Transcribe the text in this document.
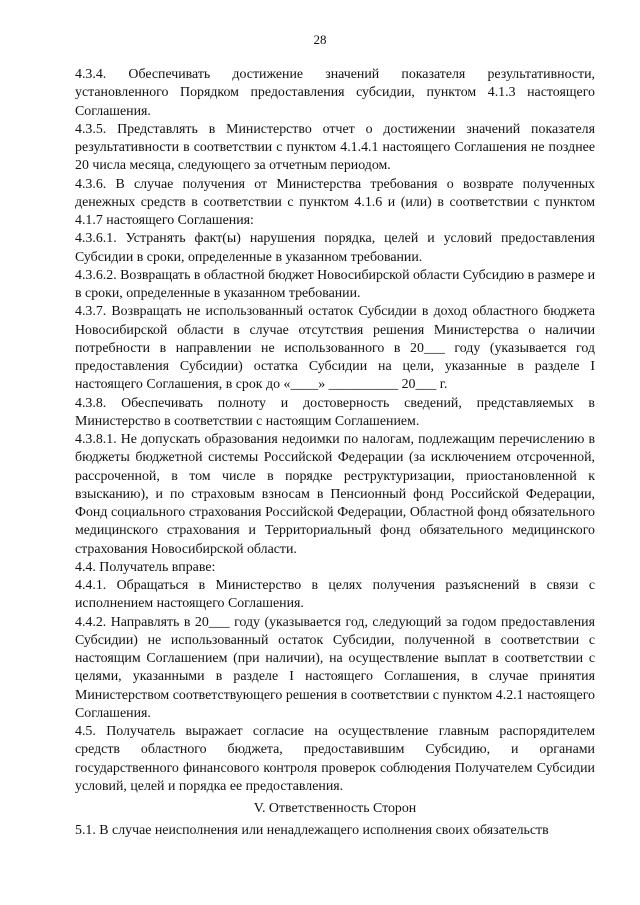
28

4.3.4. Обеспечивать достижение значений показателя результативности, установленного Порядком предоставления субсидии, пунктом 4.1.3 настоящего Соглашения.

4.3.5. Представлять в Министерство отчет о достижении значений показателя результативности в соответствии с пунктом 4.1.4.1 настоящего Соглашения не позднее 20 числа месяца, следующего за отчетным периодом.

4.3.6. В случае получения от Министерства требования о возврате полученных денежных средств в соответствии с пунктом 4.1.6 и (или) в соответствии с пунктом 4.1.7 настоящего Соглашения:

4.3.6.1. Устранять факт(ы) нарушения порядка, целей и условий предоставления Субсидии в сроки, определенные в указанном требовании.

4.3.6.2. Возвращать в областной бюджет Новосибирской области Субсидию в размере и в сроки, определенные в указанном требовании.

4.3.7. Возвращать не использованный остаток Субсидии в доход областного бюджета Новосибирской области в случае отсутствия решения Министерства о наличии потребности в направлении не использованного в 20___ году (указывается год предоставления Субсидии) остатка Субсидии на цели, указанные в разделе I настоящего Соглашения, в срок до «____» __________ 20___ г.

4.3.8. Обеспечивать полноту и достоверность сведений, представляемых в Министерство в соответствии с настоящим Соглашением.

4.3.8.1. Не допускать образования недоимки по налогам, подлежащим перечислению в бюджеты бюджетной системы Российской Федерации (за исключением отсроченной, рассроченной, в том числе в порядке реструктуризации, приостановленной к взысканию), и по страховым взносам в Пенсионный фонд Российской Федерации, Фонд социального страхования Российской Федерации, Областной фонд обязательного медицинского страхования и Территориальный фонд обязательного медицинского страхования Новосибирской области.

4.4. Получатель вправе:

4.4.1. Обращаться в Министерство в целях получения разъяснений в связи с исполнением настоящего Соглашения.

4.4.2. Направлять в 20___ году (указывается год, следующий за годом предоставления Субсидии) не использованный остаток Субсидии, полученной в соответствии с настоящим Соглашением (при наличии), на осуществление выплат в соответствии с целями, указанными в разделе I настоящего Соглашения, в случае принятия Министерством соответствующего решения в соответствии с пунктом 4.2.1 настоящего Соглашения.

4.5. Получатель выражает согласие на осуществление главным распорядителем средств областного бюджета, предоставившим Субсидию, и органами государственного финансового контроля проверок соблюдения Получателем Субсидии условий, целей и порядка ее предоставления.

V. Ответственность Сторон

5.1. В случае неисполнения или ненадлежащего исполнения своих обязательств
